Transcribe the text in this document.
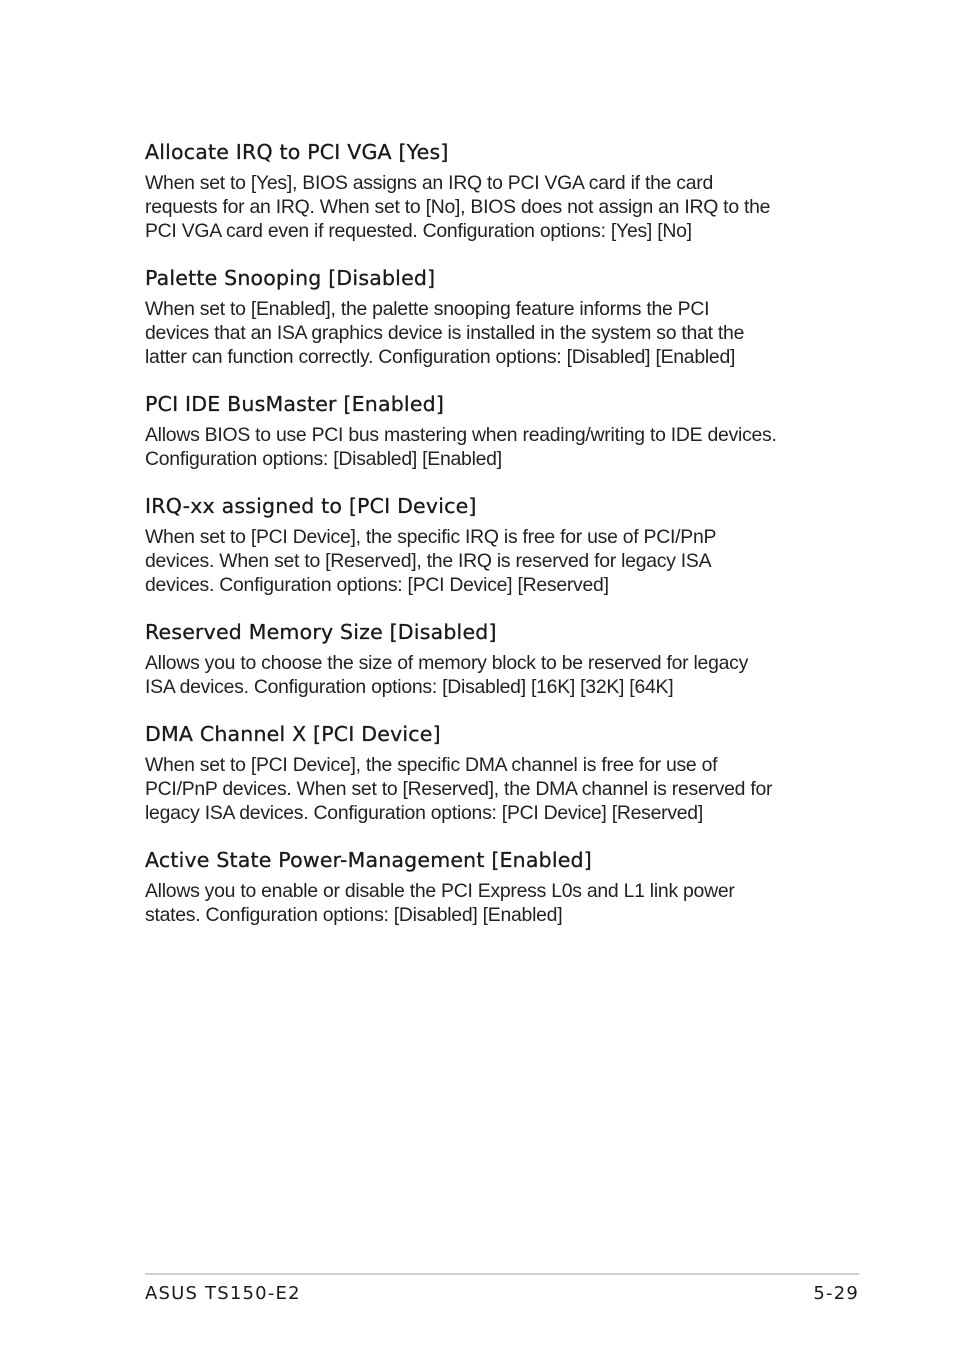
Allocate IRQ to PCI VGA [Yes]

When set to [Yes], BIOS assigns an IRQ to PCI VGA card if the card
requests for an IRQ. When set to [No], BIOS does not assign an IRQ to the
PCI VGA card even if requested. Configuration options: [Yes] [No]

Palette Snooping [Disabled]

When set to [Enabled], the palette snooping feature informs the PCI
devices that an ISA graphics device is installed in the system so that the
latter can function correctly. Configuration options: [Disabled] [Enabled]

PCI IDE BusMaster [Enabled]

Allows BIOS to use PCI bus mastering when reading/writing to IDE devices.
Configuration options: [Disabled] [Enabled]

IRQ-xx assigned to [PCI Device]

When set to [PCI Device], the specific IRQ is free for use of PCI/PnP
devices. When set to [Reserved], the IRQ is reserved for legacy ISA
devices. Configuration options: [PCI Device] [Reserved]

Reserved Memory Size [Disabled]

Allows you to choose the size of memory block to be reserved for legacy
ISA devices. Configuration options: [Disabled] [16K] [32K] [64K]

DMA Channel X [PCI Device]

When set to [PCI Device], the specific DMA channel is free for use of
PCI/PnP devices. When set to [Reserved], the DMA channel is reserved for
legacy ISA devices. Configuration options: [PCI Device] [Reserved]

Active State Power-Management [Enabled]

Allows you to enable or disable the PCI Express L0s and L1 link power
states. Configuration options: [Disabled] [Enabled]

ASUS TS150-E2	5-29
